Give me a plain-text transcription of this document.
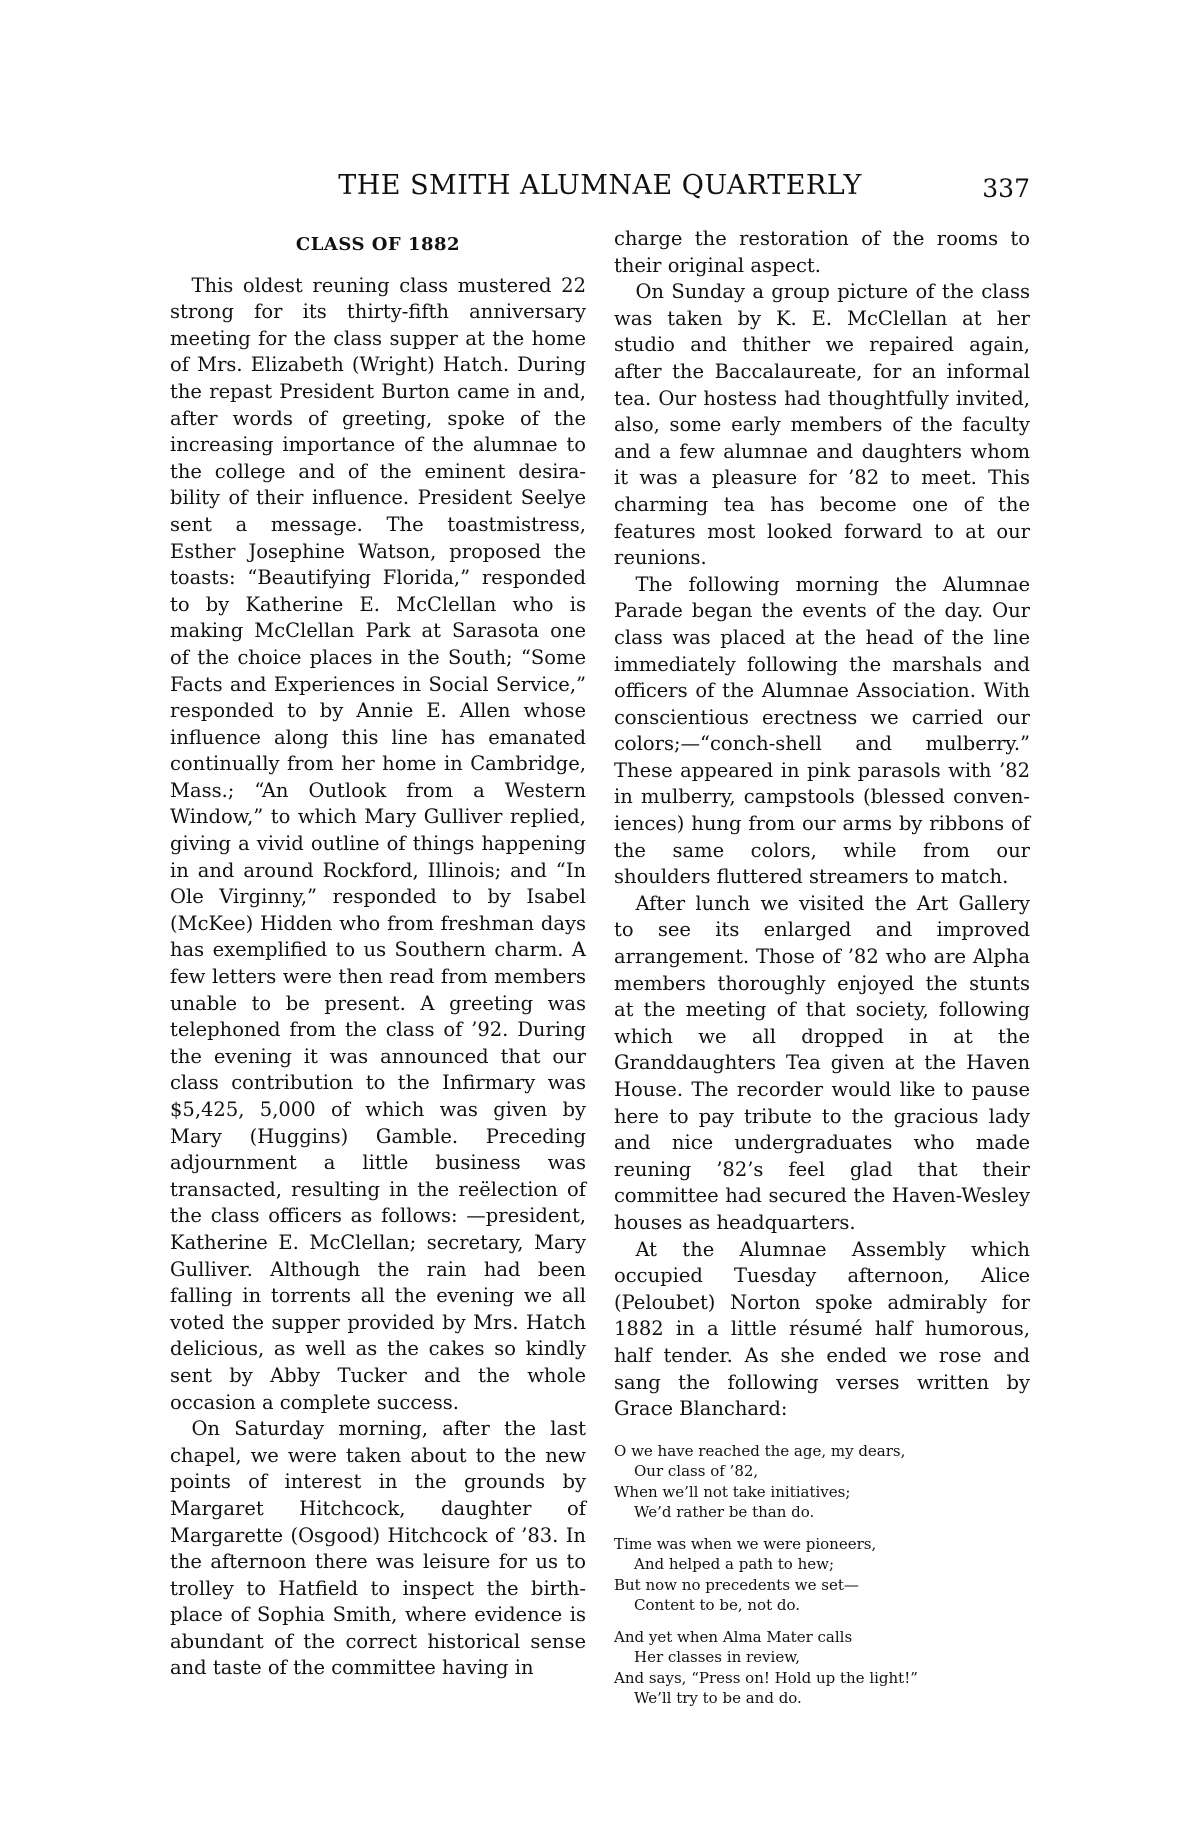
THE SMITH ALUMNAE QUARTERLY	337
CLASS OF 1882

This oldest reuning class mustered 22 strong for its thirty-fifth anniversary meeting for the class supper at the home of Mrs. Elizabeth (Wright) Hatch. During the repast President Burton came in and, after words of greeting, spoke of the increasing importance of the alumnae to the college and of the eminent desirability of their influence. President Seelye sent a message. The toastmistress, Esther Josephine Watson, proposed the toasts: “Beautifying Florida,” responded to by Katherine E. McClellan who is making McClellan Park at Sarasota one of the choice places in the South; “Some Facts and Experiences in Social Service,” responded to by Annie E. Allen whose influence along this line has emanated continually from her home in Cambridge, Mass.; “An Outlook from a Western Window,” to which Mary Gulliver replied, giving a vivid outline of things happening in and around Rockford, Illinois; and “In Ole Virginny,” responded to by Isabel (McKee) Hidden who from freshman days has exemplified to us Southern charm. A few letters were then read from members unable to be present. A greeting was telephoned from the class of ’92. During the evening it was announced that our class contribution to the Infirmary was $5,425, 5,000 of which was given by Mary (Huggins) Gamble. Preceding adjournment a little business was transacted, resulting in the reëlection of the class officers as follows: —president, Katherine E. McClellan; secretary, Mary Gulliver. Although the rain had been falling in torrents all the evening we all voted the supper provided by Mrs. Hatch delicious, as well as the cakes so kindly sent by Abby Tucker and the whole occasion a complete success.

On Saturday morning, after the last chapel, we were taken about to the new points of interest in the grounds by Margaret Hitchcock, daughter of Margarette (Osgood) Hitchcock of ’83. In the afternoon there was leisure for us to trolley to Hatfield to inspect the birthplace of Sophia Smith, where evidence is abundant of the correct historical sense and taste of the committee having in

charge the restoration of the rooms to their original aspect.

On Sunday a group picture of the class was taken by K. E. McClellan at her studio and thither we repaired again, after the Baccalaureate, for an informal tea. Our hostess had thoughtfully invited, also, some early members of the faculty and a few alumnae and daughters whom it was a pleasure for ’82 to meet. This charming tea has become one of the features most looked forward to at our reunions.

The following morning the Alumnae Parade began the events of the day. Our class was placed at the head of the line immediately following the marshals and officers of the Alumnae Association. With conscientious erectness we carried our colors;—“conch-shell and mulberry.” These appeared in pink parasols with ’82 in mulberry, campstools (blessed conveniences) hung from our arms by ribbons of the same colors, while from our shoulders fluttered streamers to match.

After lunch we visited the Art Gallery to see its enlarged and improved arrangement. Those of ’82 who are Alpha members thoroughly enjoyed the stunts at the meeting of that society, following which we all dropped in at the Granddaughters Tea given at the Haven House. The recorder would like to pause here to pay tribute to the gracious lady and nice undergraduates who made reuning ’82’s feel glad that their committee had secured the Haven-Wesley houses as headquarters.

At the Alumnae Assembly which occupied Tuesday afternoon, Alice (Peloubet) Norton spoke admirably for 1882 in a little résumé half humorous, half tender. As she ended we rose and sang the following verses written by Grace Blanchard:

O we have reached the age, my dears,
Our class of ’82,
When we’ll not take initiatives;
We’d rather be than do.
Time was when we were pioneers,
And helped a path to hew;
But now no precedents we set—
Content to be, not do.
And yet when Alma Mater calls
Her classes in review,
And says, “Press on! Hold up the light!”
We’ll try to be and do.
